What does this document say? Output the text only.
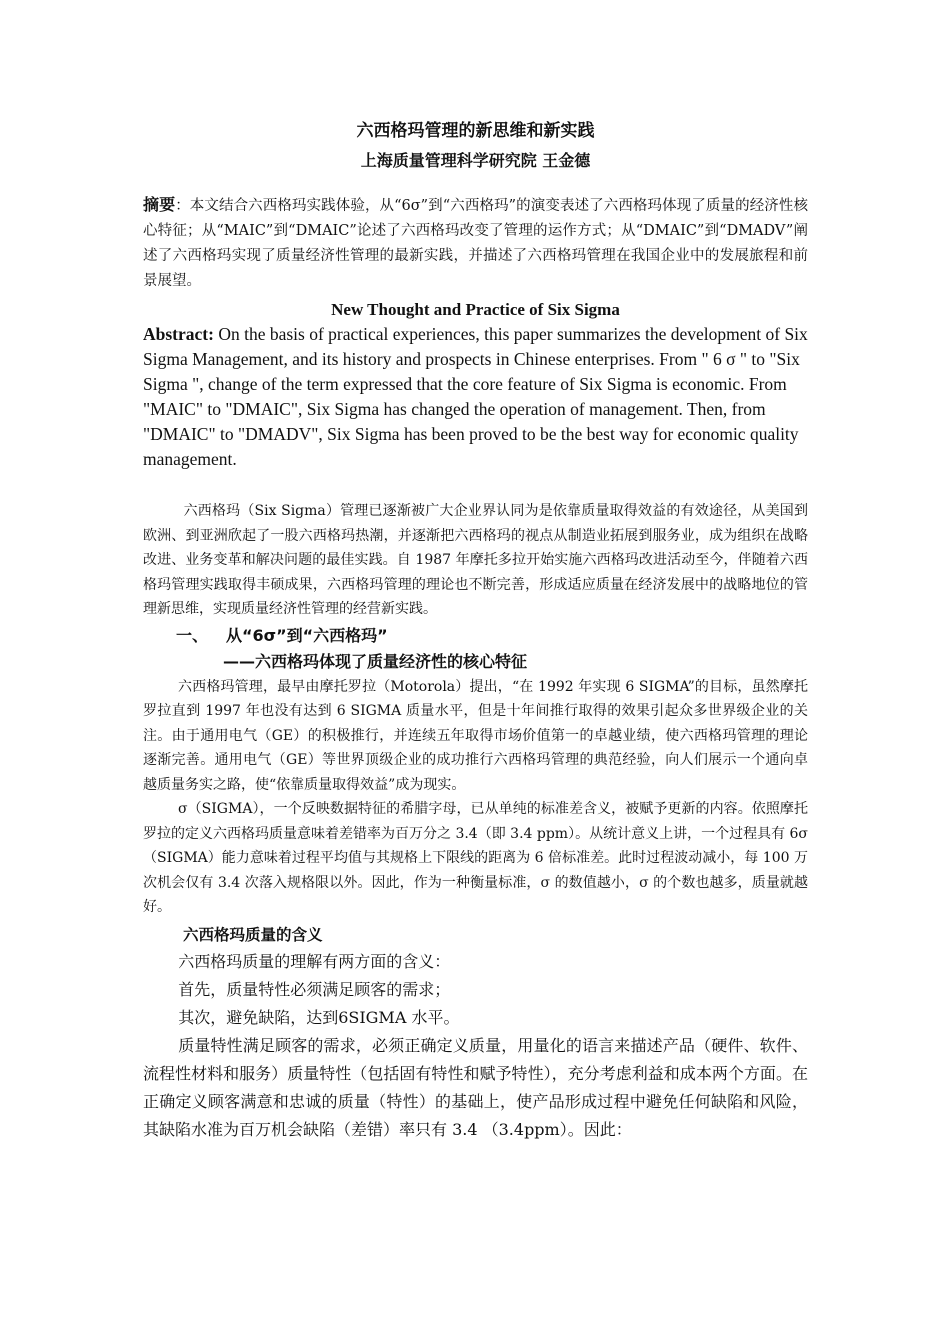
六西格玛管理的新思维和新实践
上海质量管理科学研究院 王金德

摘要：本文结合六西格玛实践体验，从“6σ”到“六西格玛”的演变表述了六西格玛体现了质量的经济性核心特征；从“MAIC”到“DMAIC”论述了六西格玛改变了管理的运作方式；从“DMAIC”到“DMADV”阐述了六西格玛实现了质量经济性管理的最新实践，并描述了六西格玛管理在我国企业中的发展旅程和前景展望。

New Thought and Practice of Six Sigma

Abstract: On the basis of practical experiences, this paper summarizes the development of Six Sigma Management, and its history and prospects in Chinese enterprises. From " 6 σ " to "Six Sigma ", change of the term expressed that the core feature of Six Sigma is economic. From "MAIC" to "DMAIC", Six Sigma has changed the operation of management. Then, from "DMAIC" to "DMADV", Six Sigma has been proved to be the best way for economic quality management.

六西格玛（Six Sigma）管理已逐渐被广大企业界认同为是依靠质量取得效益的有效途径，从美国到欧洲、到亚洲欣起了一股六西格玛热潮，并逐渐把六西格玛的视点从制造业拓展到服务业，成为组织在战略改进、业务变革和解决问题的最佳实践。自 1987 年摩托多拉开始实施六西格玛改进活动至今，伴随着六西格玛管理实践取得丰硕成果，六西格玛管理的理论也不断完善，形成适应质量在经济发展中的战略地位的管理新思维，实现质量经济性管理的经营新实践。

一、 从“6σ”到“六西格玛”
——六西格玛体现了质量经济性的核心特征

六西格玛管理，最早由摩托罗拉（Motorola）提出，“在 1992 年实现 6 SIGMA”的目标，虽然摩托罗拉直到 1997 年也没有达到 6 SIGMA 质量水平，但是十年间推行取得的效果引起众多世界级企业的关注。由于通用电气（GE）的积极推行，并连续五年取得市场价值第一的卓越业绩，使六西格玛管理的理论逐渐完善。通用电气（GE）等世界顶级企业的成功推行六西格玛管理的典范经验，向人们展示一个通向卓越质量务实之路，使“依靠质量取得效益”成为现实。

σ（SIGMA），一个反映数据特征的希腊字母，已从单纯的标准差含义，被赋予更新的内容。依照摩托罗拉的定义六西格玛质量意味着差错率为百万分之 3.4（即 3.4 ppm）。从统计意义上讲，一个过程具有 6σ（SIGMA）能力意味着过程平均值与其规格上下限线的距离为 6 倍标准差。此时过程波动减小，每 100 万次机会仅有 3.4 次落入规格限以外。因此，作为一种衡量标准，σ 的数值越小，σ 的个数也越多，质量就越好。

六西格玛质量的含义

六西格玛质量的理解有两方面的含义：

首先，质量特性必须满足顾客的需求；

其次，避免缺陷，达到6SIGMA 水平。

质量特性满足顾客的需求，必须正确定义质量，用量化的语言来描述产品（硬件、软件、流程性材料和服务）质量特性（包括固有特性和赋予特性），充分考虑利益和成本两个方面。在正确定义顾客满意和忠诚的质量（特性）的基础上，使产品形成过程中避免任何缺陷和风险，其缺陷水准为百万机会缺陷（差错）率只有 3.4 （3.4ppm）。因此：
